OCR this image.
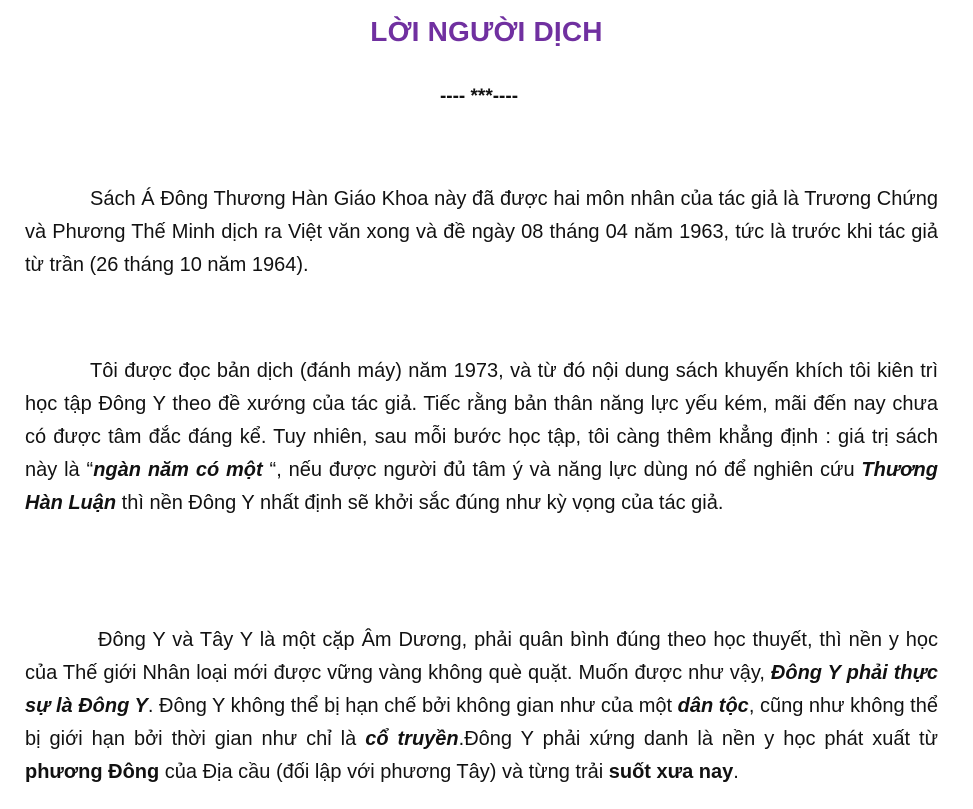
LỜI NGƯỜI DỊCH
---- ***----

Sách Á Đông Thương Hàn Giáo Khoa này đã được hai môn nhân của tác giả là Trương Chứng và Phương Thế Minh dịch ra Việt văn xong và đề ngày 08 tháng 04 năm 1963, tức là trước khi tác giả từ trần (26 tháng 10 năm 1964).

Tôi được đọc bản dịch (đánh máy) năm 1973, và từ đó nội dung sách khuyến khích tôi kiên trì học tập Đông Y theo đề xướng của tác giả. Tiếc rằng bản thân năng lực yếu kém, mãi đến nay chưa có được tâm đắc đáng kể. Tuy nhiên, sau mỗi bước học tập, tôi càng thêm khẳng định : giá trị sách này là “ngàn năm có một “, nếu được người đủ tâm ý và năng lực dùng nó để nghiên cứu Thương Hàn Luận thì nền Đông Y nhất định sẽ khởi sắc đúng như kỳ vọng của tác giả.

Đông Y và Tây Y là một cặp Âm Dương, phải quân bình đúng theo học thuyết, thì nền y học của Thế giới Nhân loại mới được vững vàng không què quặt. Muốn được như vậy, Đông Y phải thực sự là Đông Y. Đông Y không thể bị hạn chế bởi không gian như của một dân tộc, cũng như không thể bị giới hạn bởi thời gian như chỉ là cổ truyền.Đông Y phải xứng danh là nền y học phát xuất từ phương Đông của Địa cầu (đối lập với phương Tây) và từng trải suốt xưa nay.
